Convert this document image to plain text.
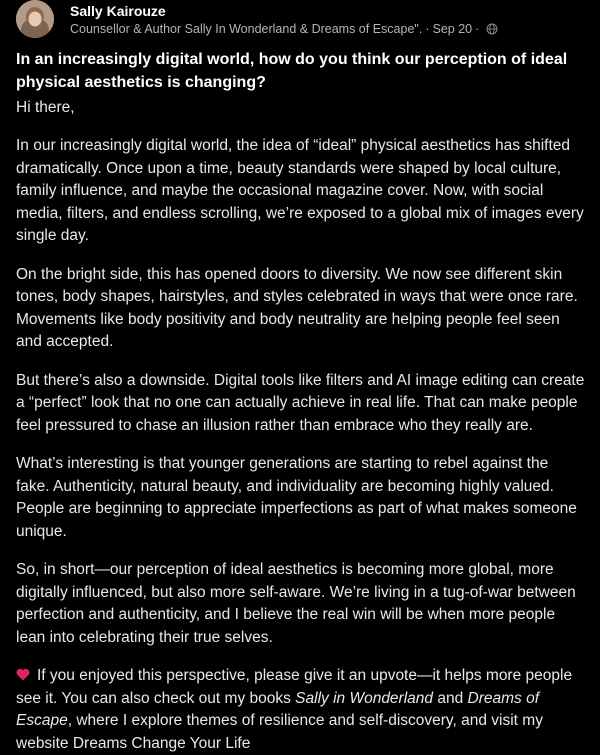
Sally Kairouze
Counsellor & Author Sally In Wonderland & Dreams of Escape". · Sep 20 ·
In an increasingly digital world, how do you think our perception of ideal physical aesthetics is changing?
Hi there,

In our increasingly digital world, the idea of “ideal” physical aesthetics has shifted dramatically. Once upon a time, beauty standards were shaped by local culture, family influence, and maybe the occasional magazine cover. Now, with social media, filters, and endless scrolling, we’re exposed to a global mix of images every single day.

On the bright side, this has opened doors to diversity. We now see different skin tones, body shapes, hairstyles, and styles celebrated in ways that were once rare. Movements like body positivity and body neutrality are helping people feel seen and accepted.

But there’s also a downside. Digital tools like filters and AI image editing can create a “perfect” look that no one can actually achieve in real life. That can make people feel pressured to chase an illusion rather than embrace who they really are.

What’s interesting is that younger generations are starting to rebel against the fake. Authenticity, natural beauty, and individuality are becoming highly valued. People are beginning to appreciate imperfections as part of what makes someone unique.

So, in short—our perception of ideal aesthetics is becoming more global, more digitally influenced, but also more self-aware. We’re living in a tug-of-war between perfection and authenticity, and I believe the real win will be when more people lean into celebrating their true selves.

If you enjoyed this perspective, please give it an upvote—it helps more people see it. You can also check out my books Sally in Wonderland and Dreams of Escape, where I explore themes of resilience and self-discovery, and visit my website Dreams Change Your Life
